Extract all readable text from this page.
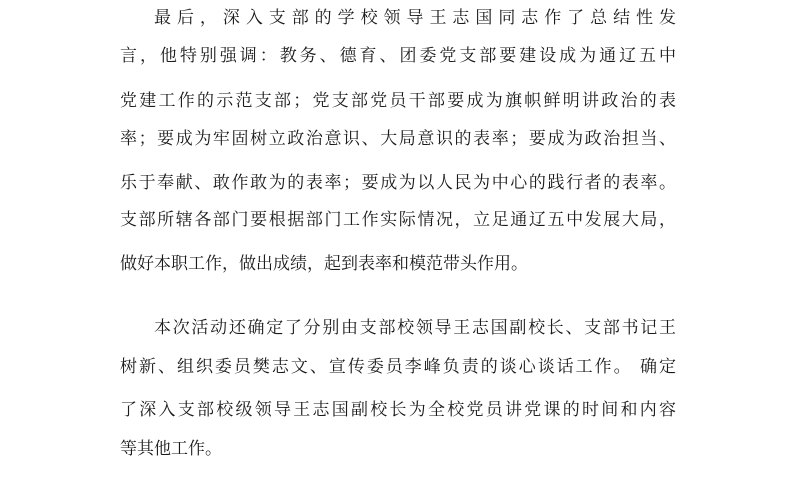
最后，深入支部的学校领导王志国同志作了总结性发
言，他特别强调：教务、德育、团委党支部要建设成为通辽五中
党建工作的示范支部；党支部党员干部要成为旗帜鲜明讲政治的表
率；要成为牢固树立政治意识、大局意识的表率；要成为政治担当、
乐于奉献、敢作敢为的表率；要成为以人民为中心的践行者的表率。
支部所辖各部门要根据部门工作实际情况，立足通辽五中发展大局，
做好本职工作，做出成绩，起到表率和模范带头作用。
本次活动还确定了分别由支部校领导王志国副校长、支部书记王
树新、组织委员樊志文、宣传委员李峰负责的谈心谈话工作。 确定
了深入支部校级领导王志国副校长为全校党员讲党课的时间和内容
等其他工作。
